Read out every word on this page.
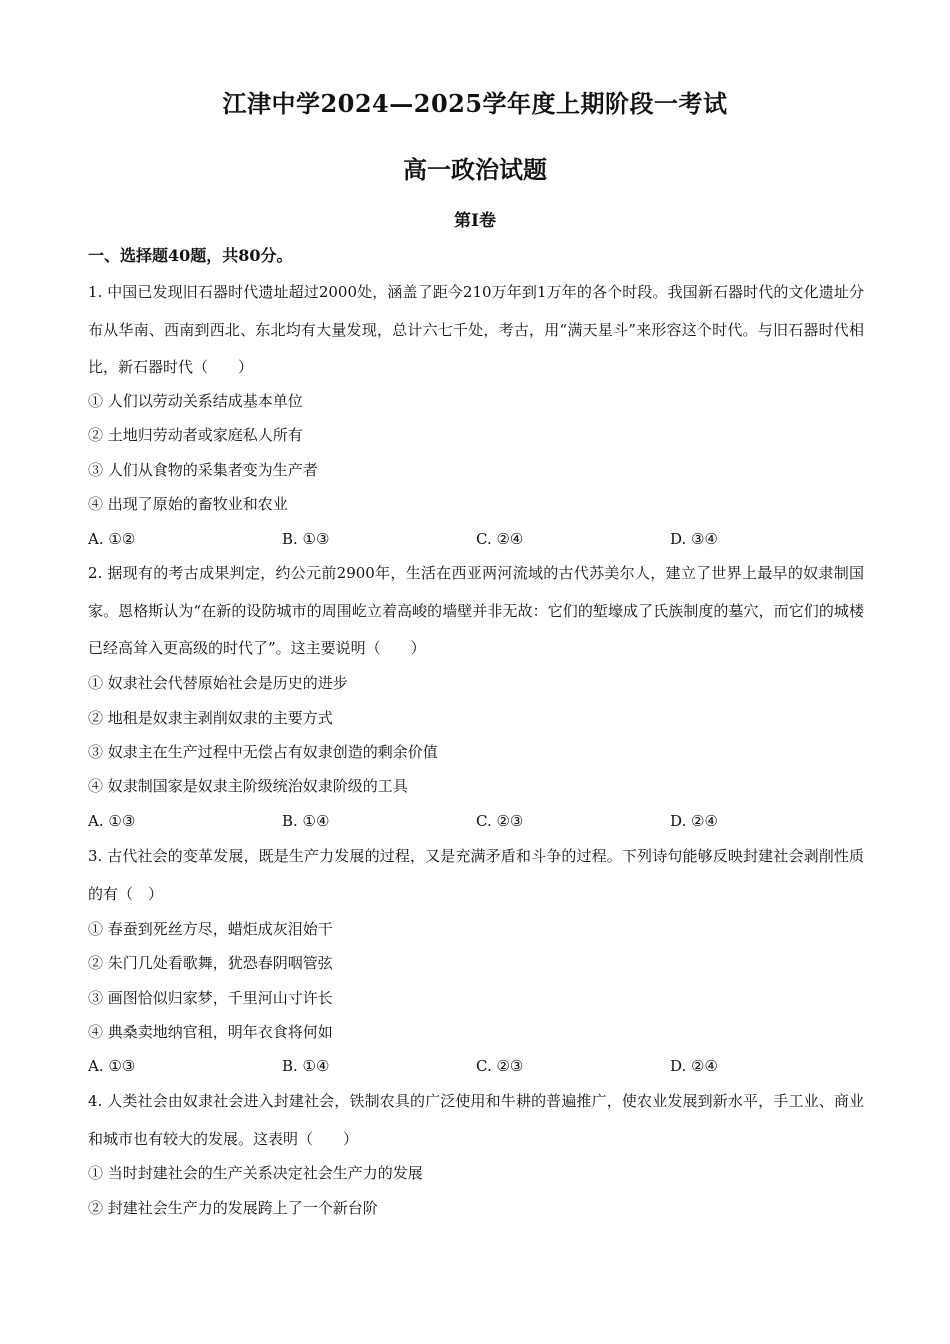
江津中学2024—2025学年度上期阶段一考试
高一政治试题
第Ⅰ卷
一、选择题40题，共80分。
1. 中国已发现旧石器时代遗址超过2000处，涵盖了距今210万年到1万年的各个时段。我国新石器时代的文化遗址分布从华南、西南到西北、东北均有大量发现，总计六七千处，考古，用“满天星斗”来形容这个时代。与旧石器时代相比，新石器时代（　　）
① 人们以劳动关系结成基本单位
② 土地归劳动者或家庭私人所有
③ 人们从食物的采集者变为生产者
④ 出现了原始的畜牧业和农业
A. ①②	B. ①③	C. ②④	D. ③④
2. 据现有的考古成果判定，约公元前2900年，生活在西亚两河流域的古代苏美尔人，建立了世界上最早的奴隶制国家。恩格斯认为“在新的设防城市的周围屹立着高峻的墙壁并非无故：它们的堑壕成了氏族制度的墓穴，而它们的城楼已经高耸入更高级的时代了”。这主要说明（　　）
① 奴隶社会代替原始社会是历史的进步
② 地租是奴隶主剥削奴隶的主要方式
③ 奴隶主在生产过程中无偿占有奴隶创造的剩余价值
④ 奴隶制国家是奴隶主阶级统治奴隶阶级的工具
A. ①③	B. ①④	C. ②③	D. ②④
3. 古代社会的变革发展，既是生产力发展的过程，又是充满矛盾和斗争的过程。下列诗句能够反映封建社会剥削性质的有（　）
① 春蚕到死丝方尽，蜡炬成灰泪始干
② 朱门几处看歌舞，犹恐春阴咽管弦
③ 画图恰似归家梦，千里河山寸许长
④ 典桑卖地纳官租，明年衣食将何如
A. ①③	B. ①④	C. ②③	D. ②④
4. 人类社会由奴隶社会进入封建社会，铁制农具的广泛使用和牛耕的普遍推广，使农业发展到新水平，手工业、商业和城市也有较大的发展。这表明（　　）
① 当时封建社会的生产关系决定社会生产力的发展
② 封建社会生产力的发展跨上了一个新台阶
